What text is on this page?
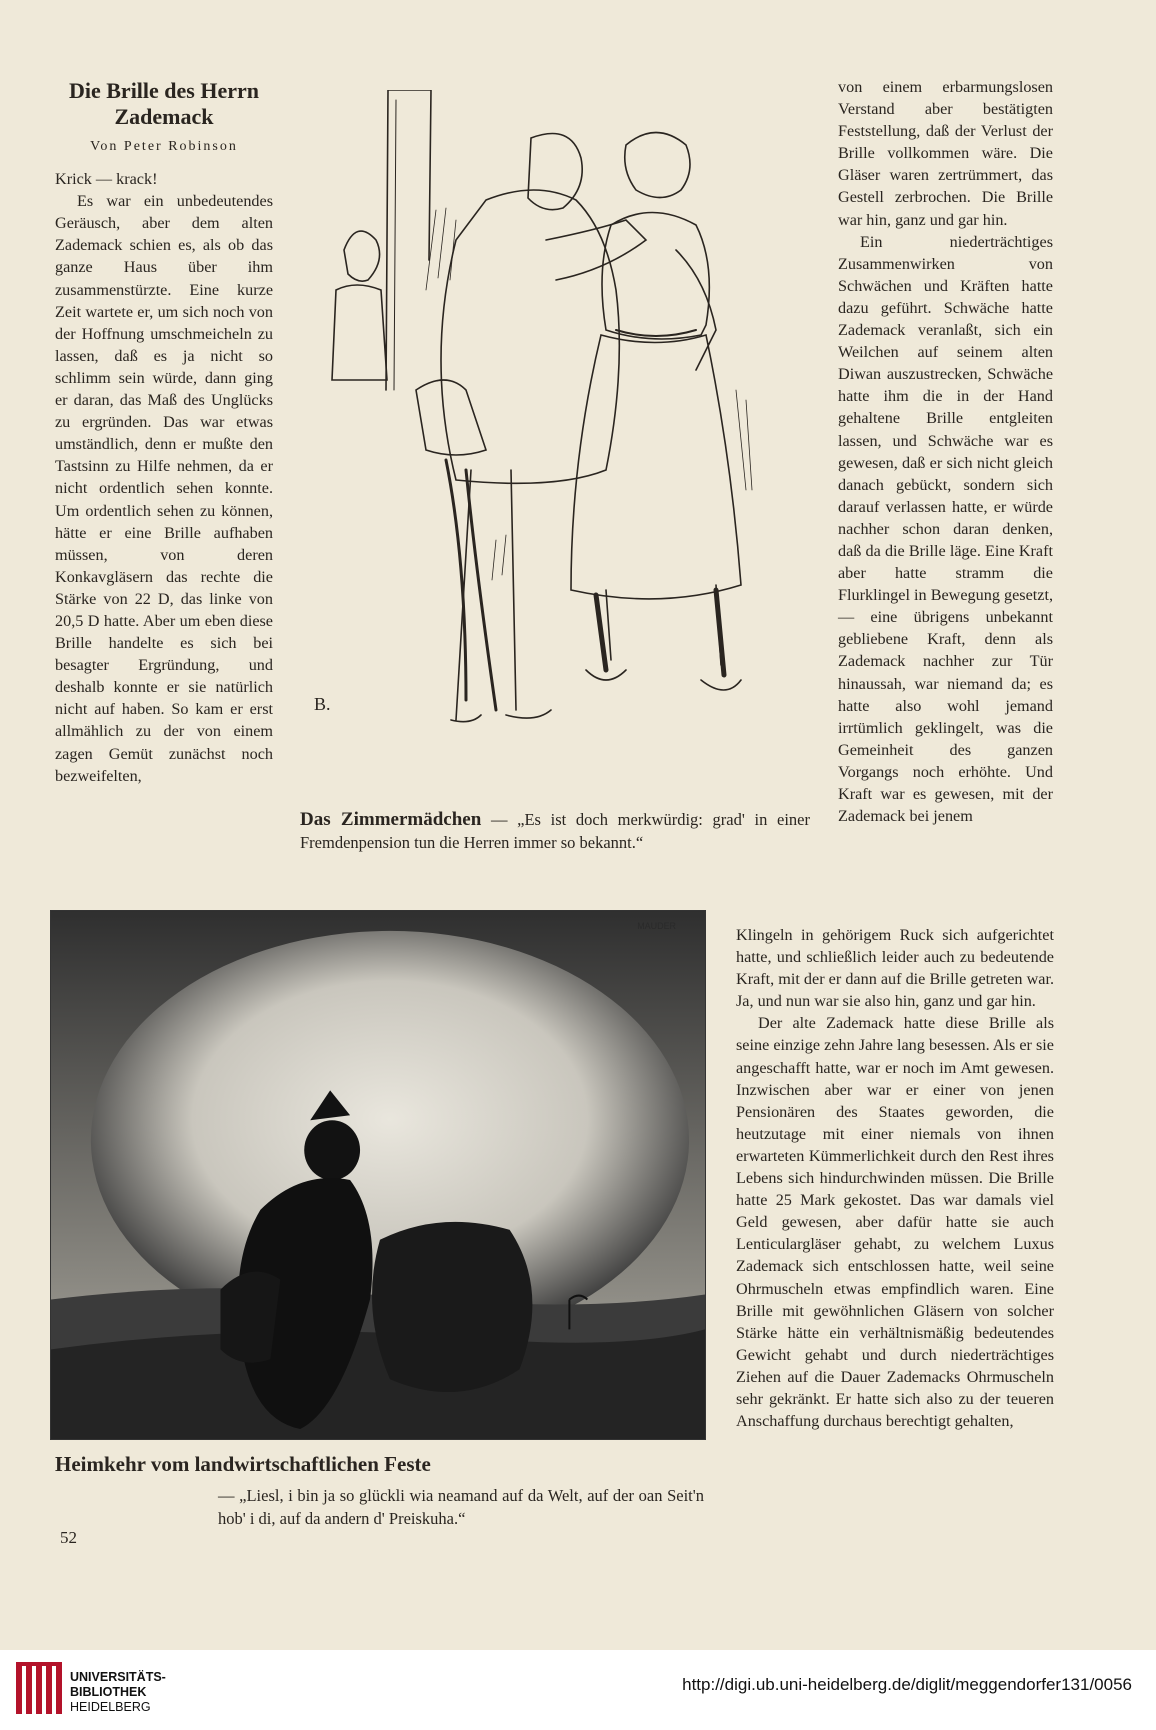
Die Brille des Herrn

Zademack

Von Peter Robinson

Krick — krack!

Es war ein unbedeutendes Geräusch, aber dem alten Zademack schien es, als ob das ganze Haus über ihm zusammenstürzte. Eine kurze Zeit wartete er, um sich noch von der Hoffnung umschmeicheln zu lassen, daß es ja nicht so schlimm sein würde, dann ging er daran, das Maß des Unglücks zu ergründen. Das war etwas umständlich, denn er mußte den Tastsinn zu Hilfe nehmen, da er nicht ordentlich sehen konnte. Um ordentlich sehen zu können, hätte er eine Brille aufhaben müssen, von deren Konkavgläsern das rechte die Stärke von 22 D, das linke von 20,5 D hatte. Aber um eben diese Brille handelte es sich bei besagter Ergründung, und deshalb konnte er sie natürlich nicht auf haben. So kam er erst allmählich zu der von einem zagen Gemüt zunächst noch bezweifelten,

B.
Das Zimmermädchen — „Es ist doch merkwürdig: grad' in einer Fremdenpension tun die Herren immer so bekannt.“

von einem erbarmungslosen Verstand aber bestätigten Feststellung, daß der Verlust der Brille vollkommen wäre. Die Gläser waren zertrümmert, das Gestell zerbrochen. Die Brille war hin, ganz und gar hin.

Ein niederträchtiges Zusammenwirken von Schwächen und Kräften hatte dazu geführt. Schwäche hatte Zademack veranlaßt, sich ein Weilchen auf seinem alten Diwan auszustrecken, Schwäche hatte ihm die in der Hand gehaltene Brille entgleiten lassen, und Schwäche war es gewesen, daß er sich nicht gleich danach gebückt, sondern sich darauf verlassen hatte, er würde nachher schon daran denken, daß da die Brille läge. Eine Kraft aber hatte stramm die Flurklingel in Bewegung gesetzt, — eine übrigens unbekannt gebliebene Kraft, denn als Zademack nachher zur Tür hinaussah, war niemand da; es hatte also wohl jemand irrtümlich geklingelt, was die Gemeinheit des ganzen Vorgangs noch erhöhte. Und Kraft war es gewesen, mit der Zademack bei jenem

MAUDER
Heimkehr vom landwirtschaftlichen Feste
— „Liesl, i bin ja so glückli wia neamand auf da Welt, auf der oan Seit'n hob' i di, auf da andern d' Preiskuha.“

Klingeln in gehörigem Ruck sich aufgerichtet hatte, und schließlich leider auch zu bedeutende Kraft, mit der er dann auf die Brille getreten war. Ja, und nun war sie also hin, ganz und gar hin.

Der alte Zademack hatte diese Brille als seine einzige zehn Jahre lang besessen. Als er sie angeschafft hatte, war er noch im Amt gewesen. Inzwischen aber war er einer von jenen Pensionären des Staates geworden, die heutzutage mit einer niemals von ihnen erwarteten Kümmerlichkeit durch den Rest ihres Lebens sich hindurchwinden müssen. Die Brille hatte 25 Mark gekostet. Das war damals viel Geld gewesen, aber dafür hatte sie auch Lenticulargläser gehabt, zu welchem Luxus Zademack sich entschlossen hatte, weil seine Ohrmuscheln etwas empfindlich waren. Eine Brille mit gewöhnlichen Gläsern von solcher Stärke hätte ein verhältnismäßig bedeutendes Gewicht gehabt und durch niederträchtiges Ziehen auf die Dauer Zademacks Ohrmuscheln sehr gekränkt. Er hatte sich also zu der teueren Anschaffung durchaus berechtigt gehalten,

52
UNIVERSITÄTS-
BIBLIOTHEK
HEIDELBERG
http://digi.ub.uni-heidelberg.de/diglit/meggendorfer131/0056
